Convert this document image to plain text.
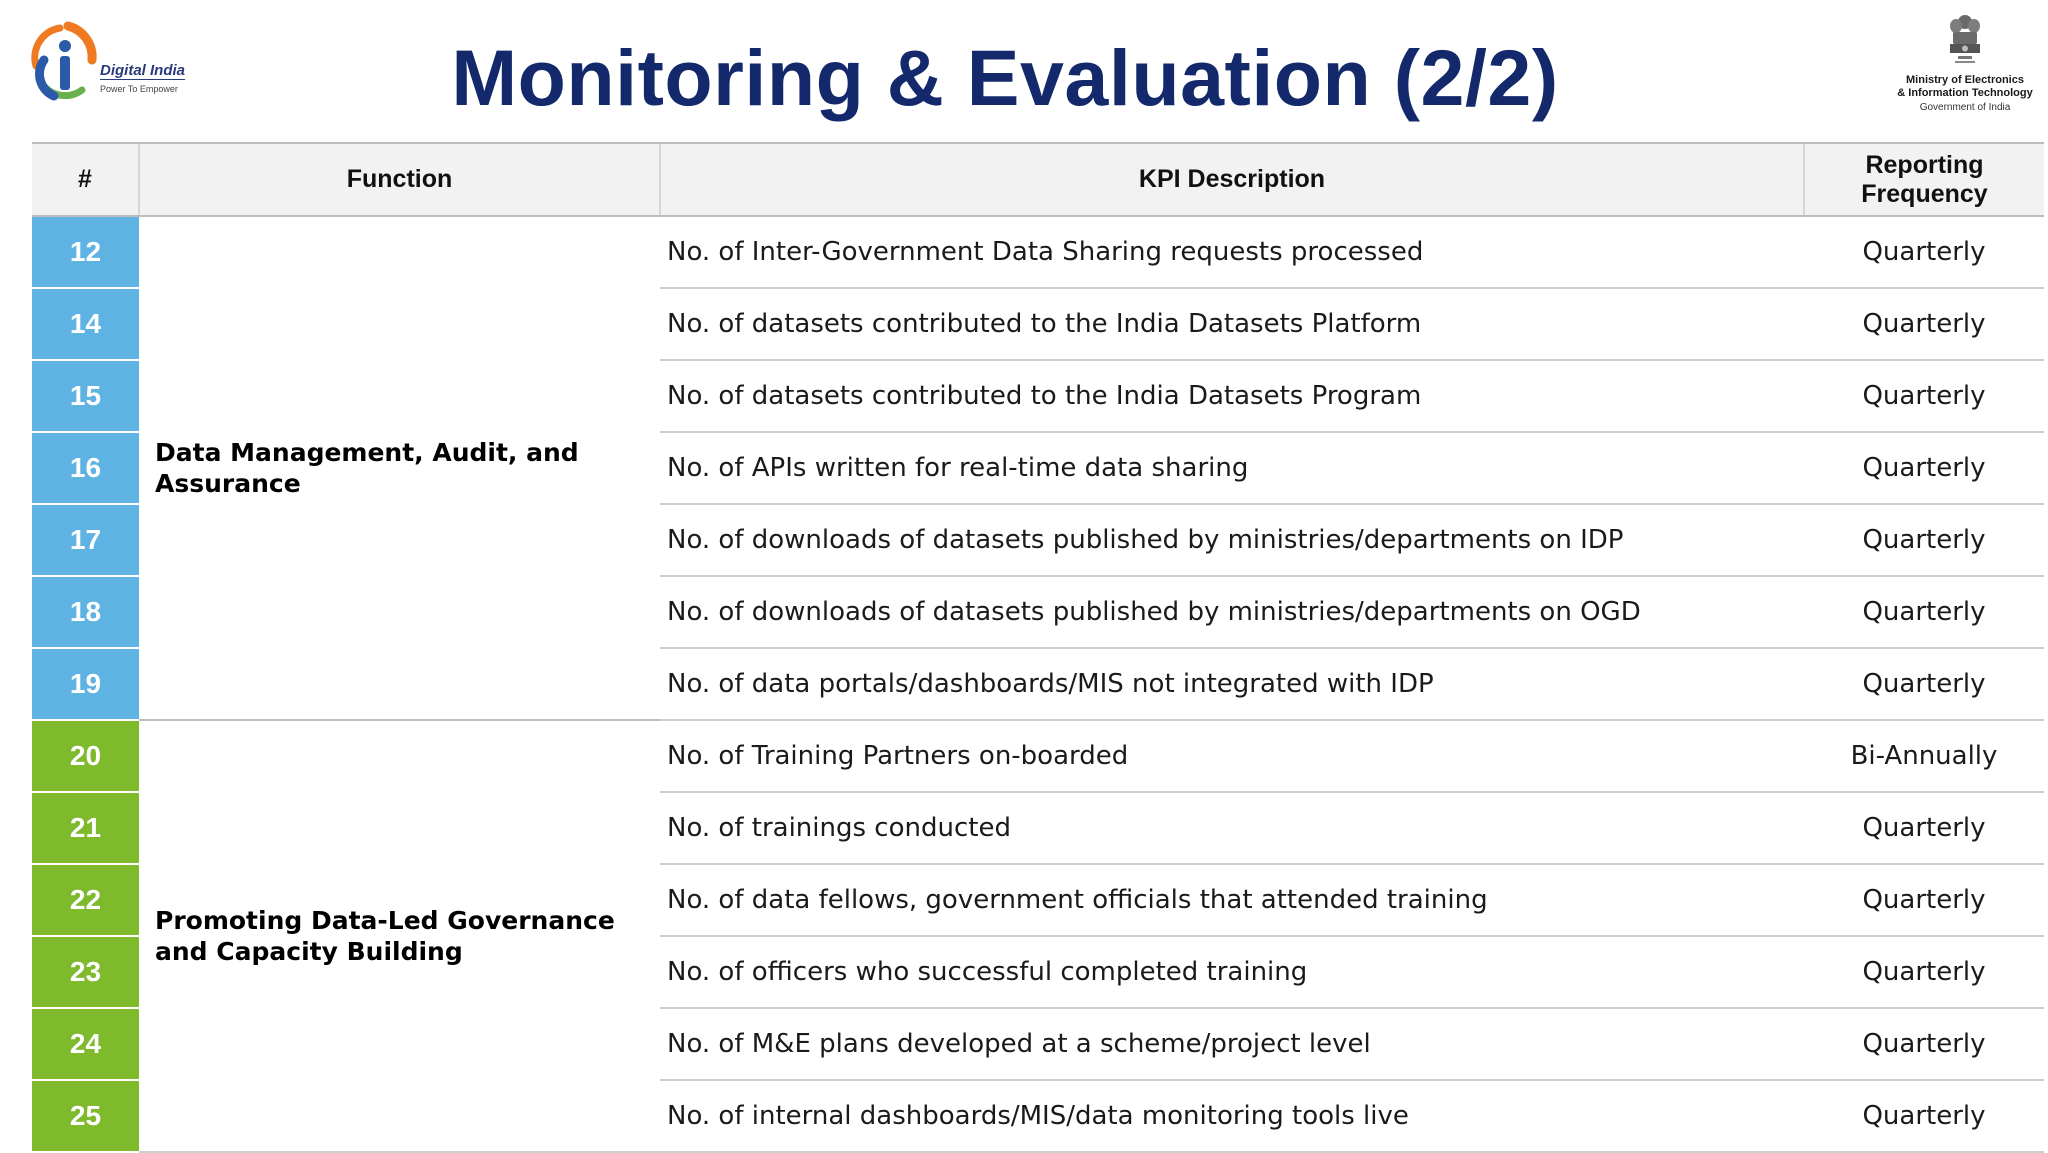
Digital India
Power To Empower	Monitoring & Evaluation (2/2)	Ministry of Electronics
& Information Technology
Government of India
#	Function	KPI Description	Reporting Frequency
12	Data Management, Audit, and Assurance	No. of Inter-Government Data Sharing requests processed	Quarterly
14		No. of datasets contributed to the India Datasets Platform	Quarterly
15		No. of datasets contributed to the India Datasets Program	Quarterly
16		No. of APIs written for real-time data sharing	Quarterly
17		No. of downloads of datasets published by ministries/departments on IDP	Quarterly
18		No. of downloads of datasets published by ministries/departments on OGD	Quarterly
19		No. of data portals/dashboards/MIS not integrated with IDP	Quarterly
20	Promoting Data-Led Governance and Capacity Building	No. of Training Partners on-boarded	Bi-Annually
21		No. of trainings conducted	Quarterly
22		No. of data fellows, government officials that attended training	Quarterly
23		No. of officers who successful completed training	Quarterly
24		No. of M&E plans developed at a scheme/project level	Quarterly
25		No. of internal dashboards/MIS/data monitoring tools live	Quarterly
